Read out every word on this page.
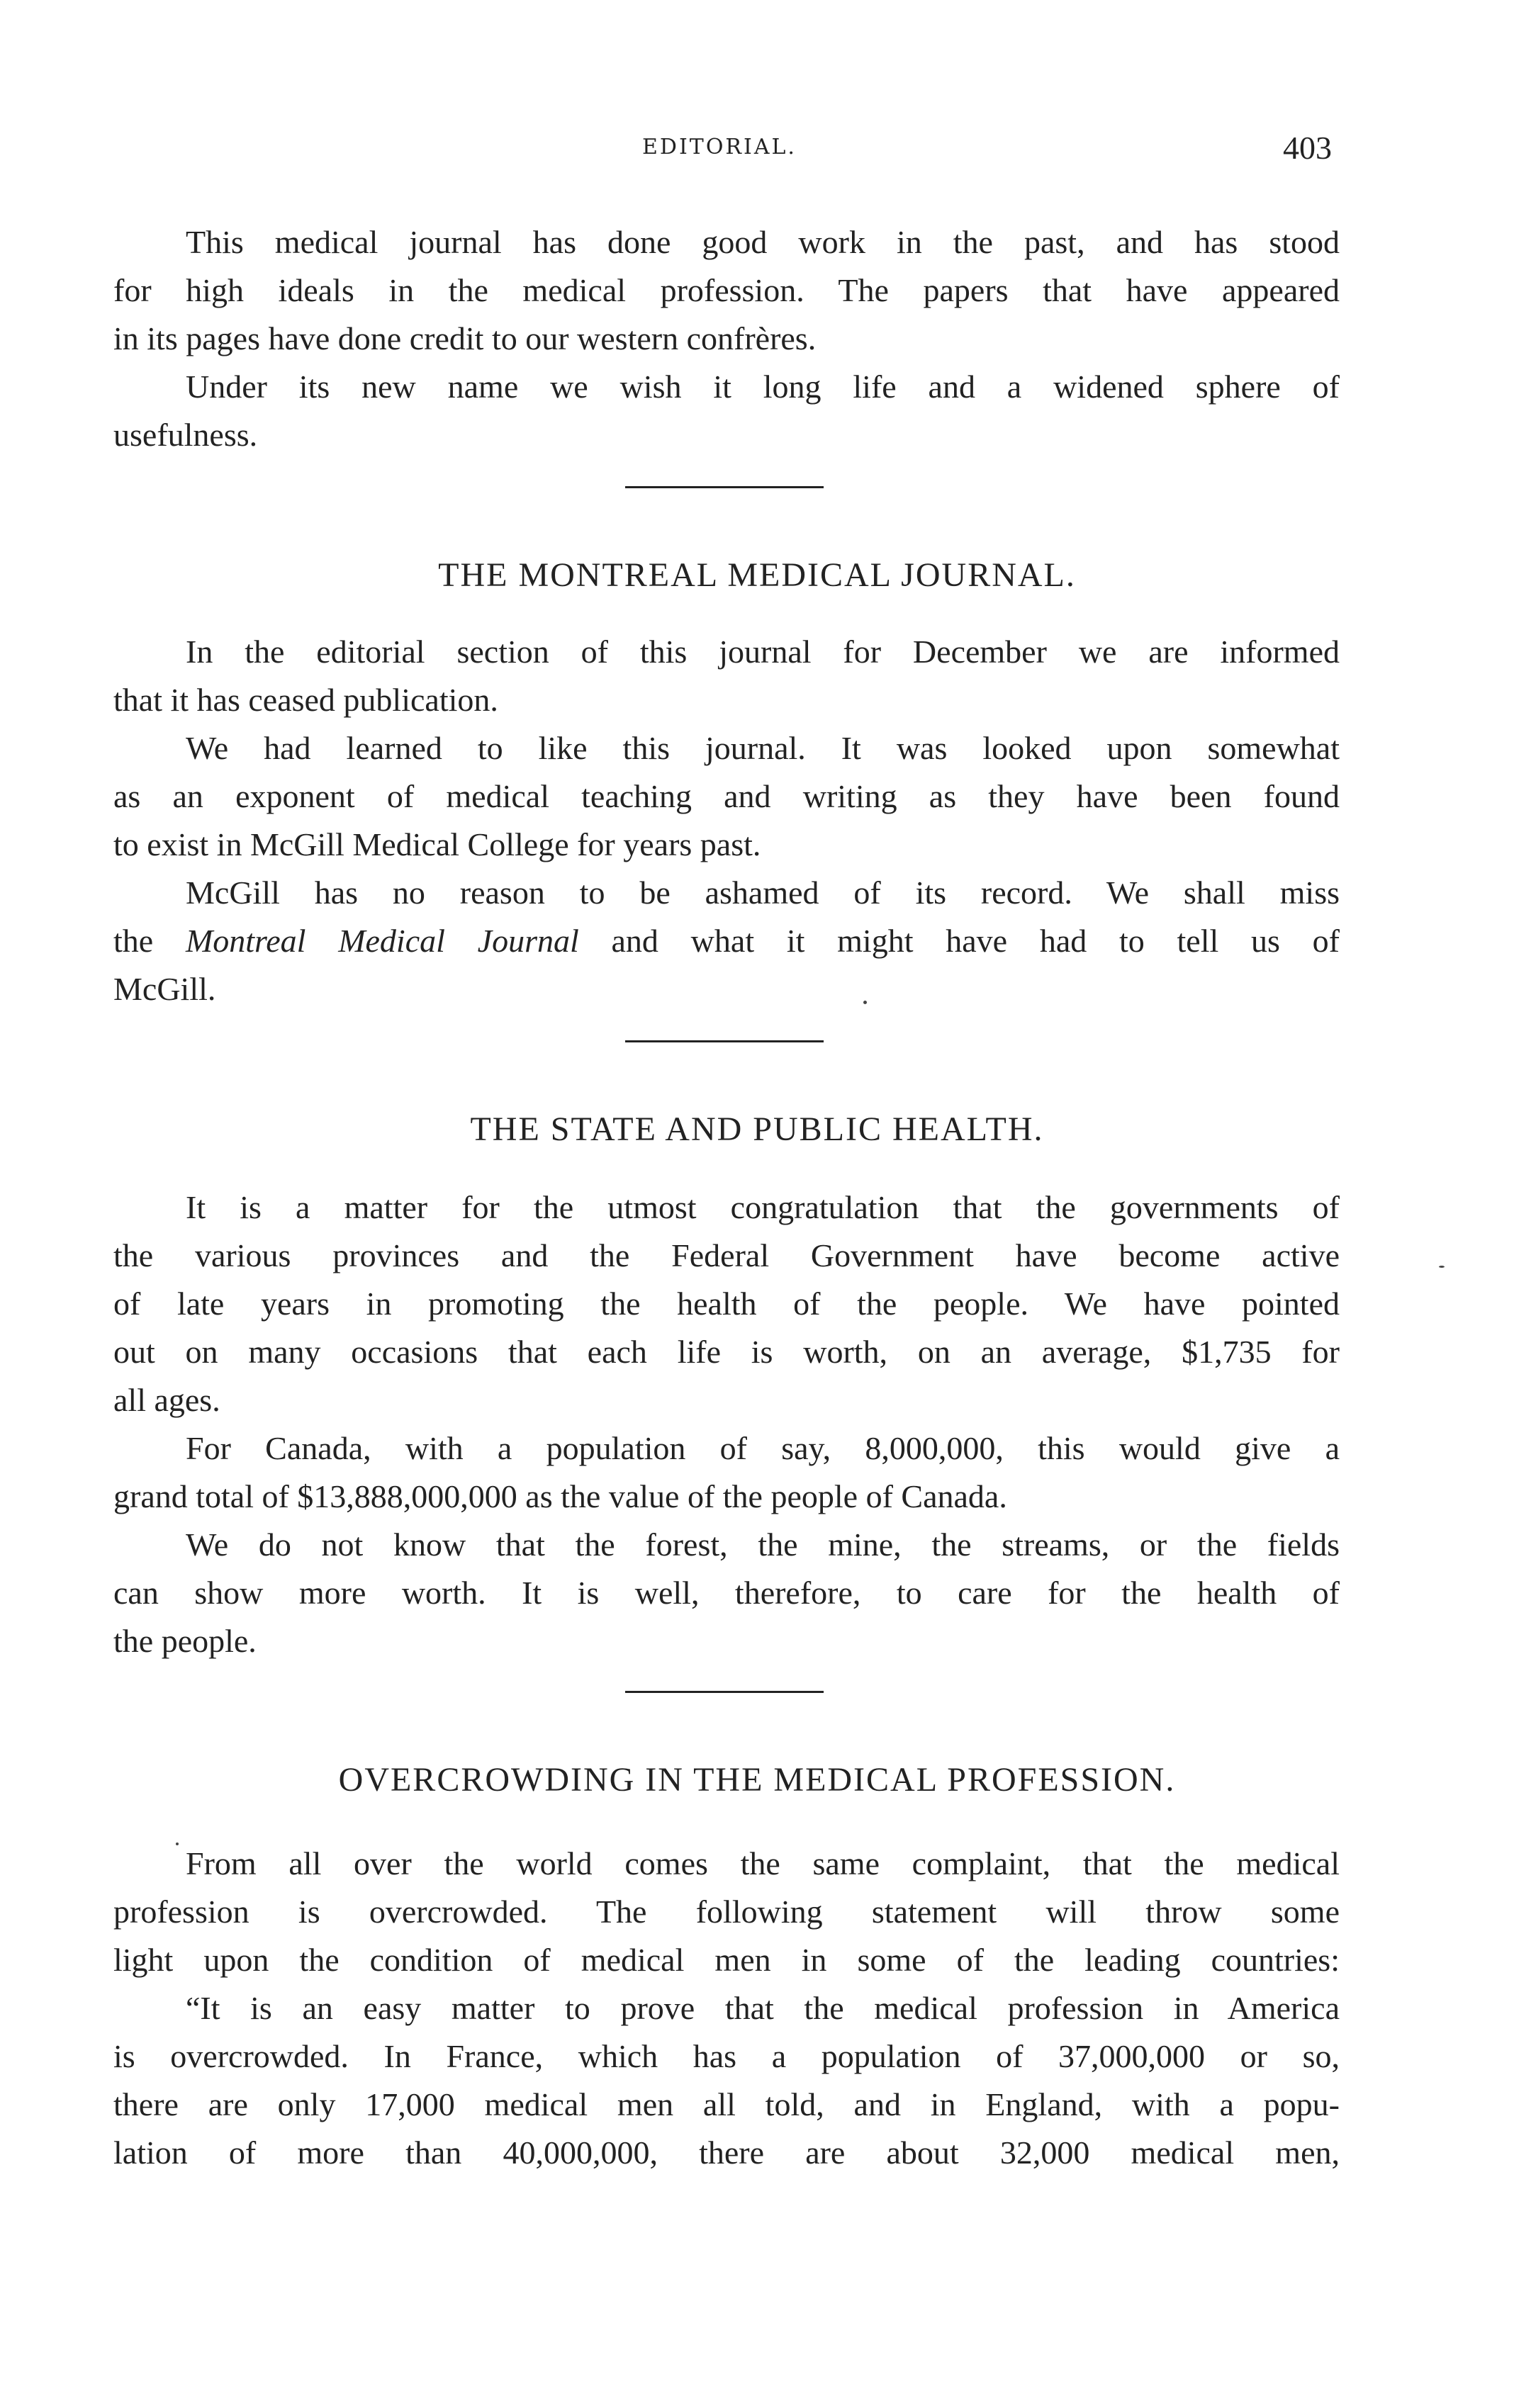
EDITORIAL.	403
This medical journal has done good work in the past, and has stood
for high ideals in the medical profession. The papers that have appeared
in its pages have done credit to our western confrères.
Under its new name we wish it long life and a widened sphere of
usefulness.
THE MONTREAL MEDICAL JOURNAL.
In the editorial section of this journal for December we are informed
that it has ceased publication.
We had learned to like this journal. It was looked upon somewhat
as an exponent of medical teaching and writing as they have been found
to exist in McGill Medical College for years past.
McGill has no reason to be ashamed of its record. We shall miss
the Montreal Medical Journal and what it might have had to tell us of
McGill.
THE STATE AND PUBLIC HEALTH.
It is a matter for the utmost congratulation that the governments of
the various provinces and the Federal Government have become active
of late years in promoting the health of the people. We have pointed
out on many occasions that each life is worth, on an average, $1,735 for
all ages.
For Canada, with a population of say, 8,000,000, this would give a
grand total of $13,888,000,000 as the value of the people of Canada.
We do not know that the forest, the mine, the streams, or the fields
can show more worth. It is well, therefore, to care for the health of
the people.
OVERCROWDING IN THE MEDICAL PROFESSION.
From all over the world comes the same complaint, that the medical
profession is overcrowded. The following statement will throw some
light upon the condition of medical men in some of the leading countries:
“It is an easy matter to prove that the medical profession in America
is overcrowded. In France, which has a population of 37,000,000 or so,
there are only 17,000 medical men all told, and in England, with a popu-
lation of more than 40,000,000, there are about 32,000 medical men,
